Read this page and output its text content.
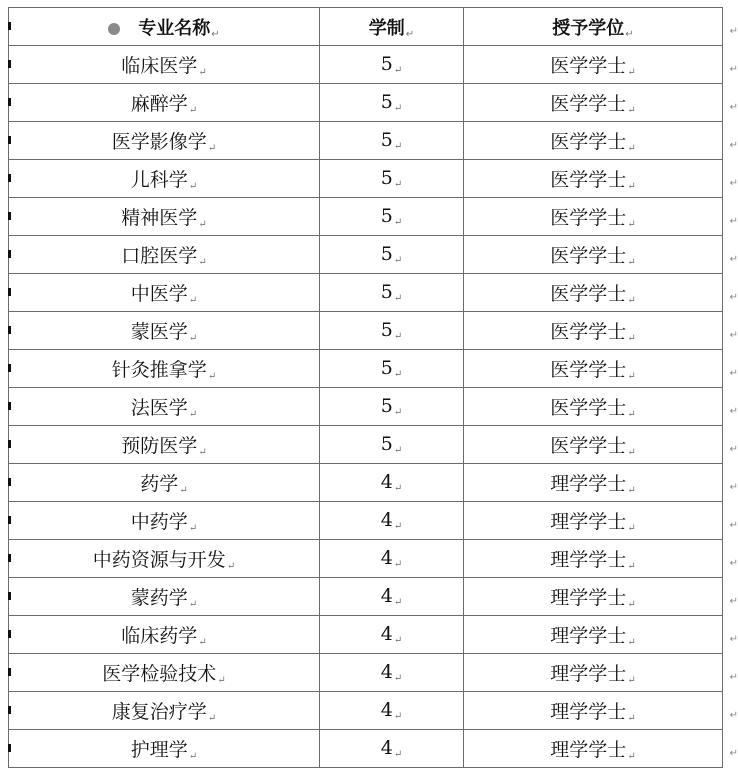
专业名称↵	学制↵	授予学位↵ ↵

临床医学↵	5↵	医学学士↵ ↵

麻醉学↵	5↵	医学学士↵ ↵

医学影像学↵	5↵	医学学士↵ ↵

儿科学↵	5↵	医学学士↵ ↵

精神医学↵	5↵	医学学士↵ ↵

口腔医学↵	5↵	医学学士↵ ↵

中医学↵	5↵	医学学士↵ ↵

蒙医学↵	5↵	医学学士↵ ↵

针灸推拿学↵	5↵	医学学士↵ ↵

法医学↵	5↵	医学学士↵ ↵

预防医学↵	5↵	医学学士↵ ↵

药学↵	4↵	理学学士↵ ↵

中药学↵	4↵	理学学士↵ ↵

中药资源与开发↵	4↵	理学学士↵ ↵

蒙药学↵	4↵	理学学士↵ ↵

临床药学↵	4↵	理学学士↵ ↵

医学检验技术↵	4↵	理学学士↵ ↵

康复治疗学↵	4↵	理学学士↵ ↵

护理学↵	4↵	理学学士↵ ↵
